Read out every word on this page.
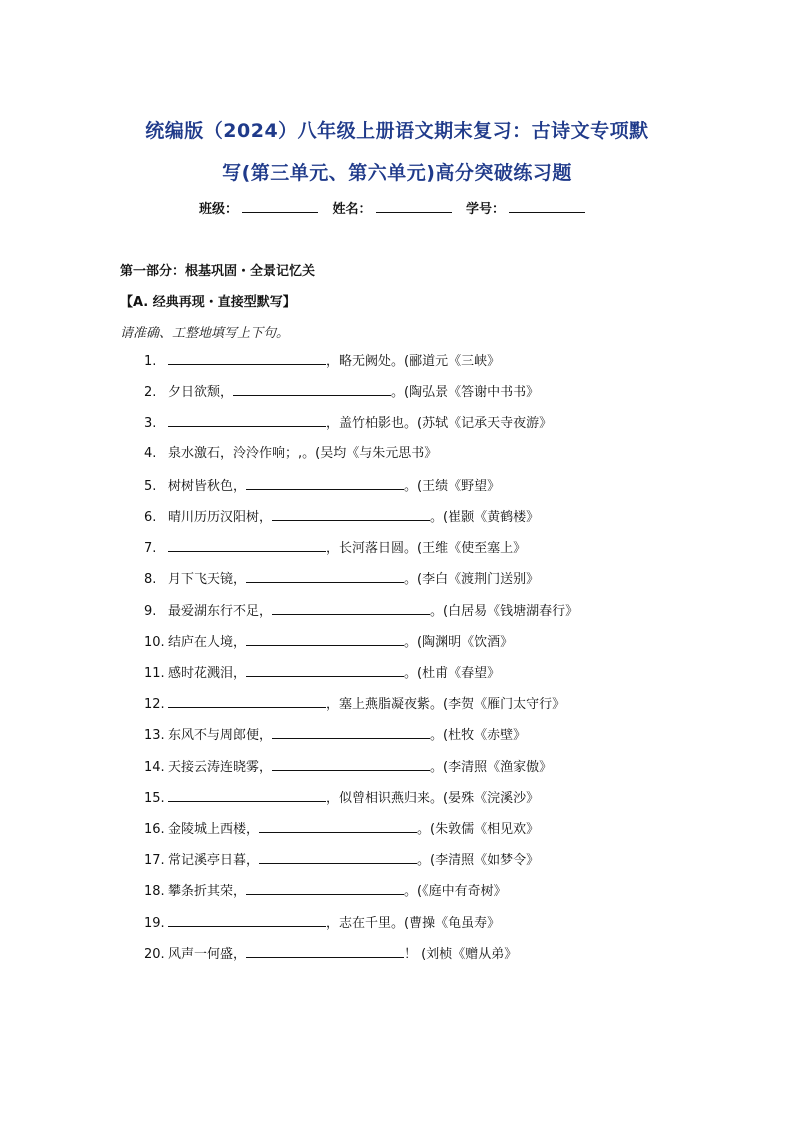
统编版（2024）八年级上册语文期末复习：古诗文专项默
写(第三单元、第六单元)高分突破练习题
班级：	姓名：	学号：
第一部分：根基巩固・全景记忆关
【A. 经典再现・直接型默写】
请准确、工整地填写上下句。
1.	，略无阙处。(郦道元《三峡》
2. 夕日欲颓，	。(陶弘景《答谢中书书》
3.	，盖竹柏影也。(苏轼《记承天寺夜游》
4. 泉水激石，泠泠作响；,。(吴均《与朱元思书》
5. 树树皆秋色，	。(王绩《野望》
6. 晴川历历汉阳树，	。(崔颢《黄鹤楼》
7.	，长河落日圆。(王维《使至塞上》
8. 月下飞天镜，	。(李白《渡荆门送别》
9. 最爱湖东行不足，	。(白居易《钱塘湖春行》
10. 结庐在人境，	。(陶渊明《饮酒》
11. 感时花溅泪，	。(杜甫《春望》
12.	，塞上燕脂凝夜紫。(李贺《雁门太守行》
13. 东风不与周郎便，	。(杜牧《赤壁》
14. 天接云涛连晓雾，	。(李清照《渔家傲》
15.	，似曾相识燕归来。(晏殊《浣溪沙》
16. 金陵城上西楼，	。(朱敦儒《相见欢》
17. 常记溪亭日暮，	。(李清照《如梦令》
18. 攀条折其荣，	。(《庭中有奇树》
19.	，志在千里。(曹操《龟虽寿》
20. 风声一何盛，	！ (刘桢《赠从弟》
